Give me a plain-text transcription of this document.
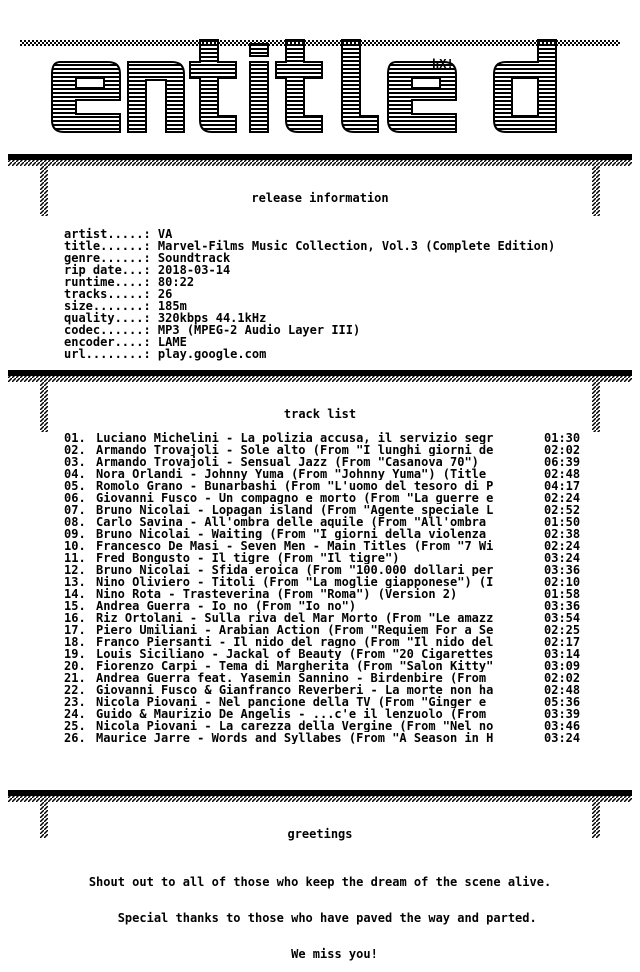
hX!
release information
artist.....: VA
title......: Marvel-Films Music Collection, Vol.3 (Complete Edition)
genre......: Soundtrack
rip date...: 2018-03-14
runtime....: 80:22
tracks.....: 26
size.......: 185m
quality....: 320kbps 44.1kHz
codec......: MP3 (MPEG-2 Audio Layer III)
encoder....: LAME
url........: play.google.com
track list
01. Luciano Michelini - La polizia accusa, il servizio segr	01:30
02. Armando Trovajoli - Sole alto (From "I lunghi giorni de	02:02
03. Armando Trovajoli - Sensual Jazz (From "Casanova 70")	06:39
04. Nora Orlandi - Johnny Yuma (From "Johnny Yuma") (Title	02:48
05. Romolo Grano - Bunarbashi (From "L'uomo del tesoro di P	04:17
06. Giovanni Fusco - Un compagno e morto (From "La guerre e	02:24
07. Bruno Nicolai - Lopagan island (From "Agente speciale L	02:52
08. Carlo Savina - All'ombra delle aquile (From "All'ombra	01:50
09. Bruno Nicolai - Waiting (From "I giorni della violenza	02:38
10. Francesco De Masi - Seven Men - Main Titles (From "7 Wi	02:24
11. Fred Bongusto - Il tigre (From "Il tigre")	03:24
12. Bruno Nicolai - Sfida eroica (From "100.000 dollari per	03:36
13. Nino Oliviero - Titoli (From "La moglie giapponese") (I	02:10
14. Nino Rota - Trasteverina (From "Roma") (Version 2)	01:58
15. Andrea Guerra - Io no (From "Io no")	03:36
16. Riz Ortolani - Sulla riva del Mar Morto (From "Le amazz	03:54
17. Piero Umiliani - Arabian Action (From "Requiem For a Se	02:25
18. Franco Piersanti - Il nido del ragno (From "Il nido del	02:17
19. Louis Siciliano - Jackal of Beauty (From "20 Cigarettes	03:14
20. Fiorenzo Carpi - Tema di Margherita (From "Salon Kitty"	03:09
21. Andrea Guerra feat. Yasemin Sannino - Birdenbire (From	02:02
22. Giovanni Fusco & Gianfranco Reverberi - La morte non ha	02:48
23. Nicola Piovani - Nel pancione della TV (From "Ginger e	05:36
24. Guido & Maurizio De Angelis - ...c'e il lenzuolo (From	03:39
25. Nicola Piovani - La carezza della Vergine (From "Nel no	03:46
26. Maurice Jarre - Words and Syllabes (From "A Season in H	03:24
greetings

Shout out to all of those who keep the dream of the scene alive.

Special thanks to those who have paved the way and parted.

We miss you!
